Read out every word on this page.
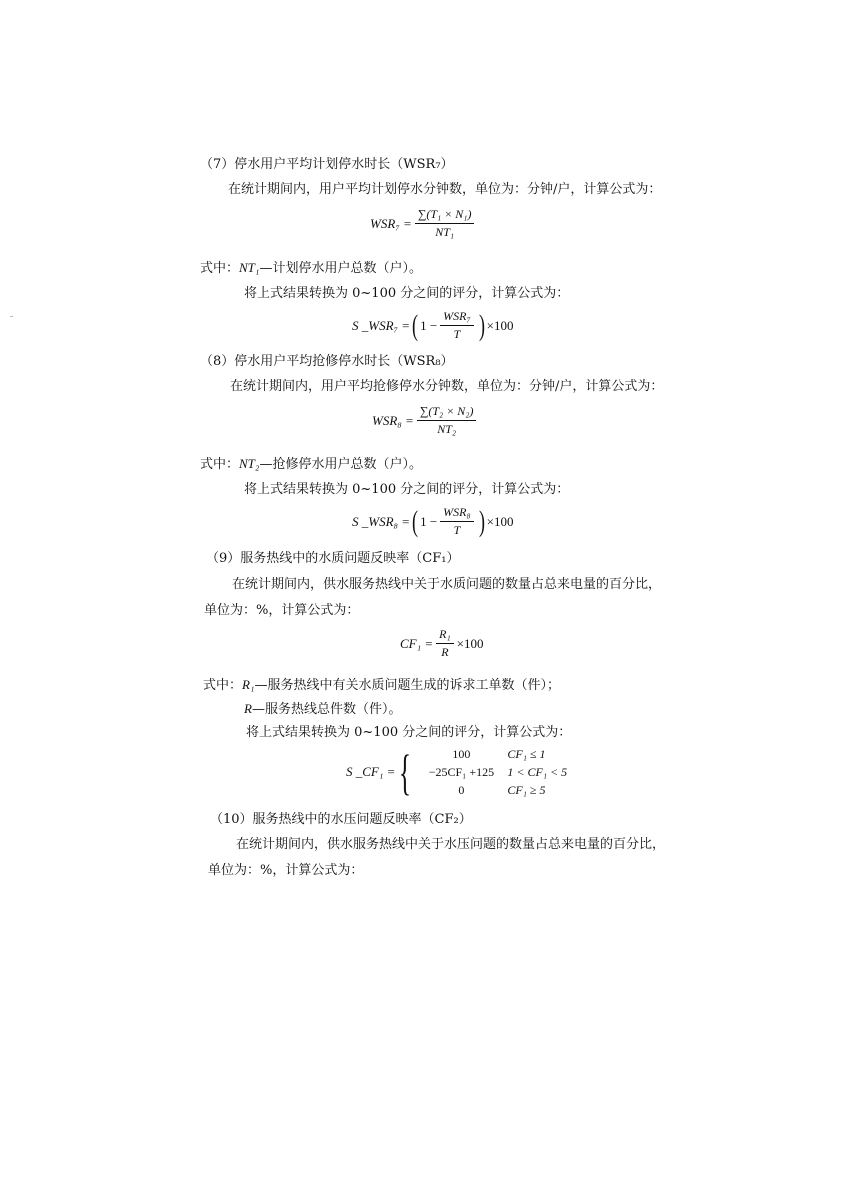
（7）停水用户平均计划停水时长（WSR₇）
在统计期间内，用户平均计划停水分钟数，单位为：分钟/户，计算公式为：
$WSR_7 = \frac{\text{∑(T₁ × N₁)}}{\text{NT₁}}$
式中：NT₁—计划停水用户总数（户）。
将上式结果转换为 0~100 分之间的评分，计算公式为：
S _WSR₇ = ( $1 - \frac{\text{WSR₇}}{T}$ ) ×100
（8）停水用户平均抢修停水时长（WSR₈）
在统计期间内，用户平均抢修停水分钟数，单位为：分钟/户，计算公式为：
$WSR_8 = \frac{\text{∑(T₂ × N₂)}}{\text{NT₂}}$
式中：NT₂—抢修停水用户总数（户）。
将上式结果转换为 0~100 分之间的评分，计算公式为：
S _WSR₈ = ( $1 - \frac{\text{WSR₈}}{T}$ ) ×100
（9）服务热线中的水质问题反映率（CF₁）
在统计期间内，供水服务热线中关于水质问题的数量占总来电量的百分比，
单位为：%，计算公式为：
$CF_1 = \frac{\text{R₁}}{R} \times 100$
式中：R₁—服务热线中有关水质问题生成的诉求工单数（件）；
R—服务热线总件数（件）。
将上式结果转换为 0~100 分之间的评分，计算公式为：
S _CF₁ = {	100	CF₁ ≤ 1
−25CF₁ +125	1 < CF₁ < 5
0	CF₁ ≥ 5
（10）服务热线中的水压问题反映率（CF₂）
在统计期间内，供水服务热线中关于水压问题的数量占总来电量的百分比，
单位为：%，计算公式为：
